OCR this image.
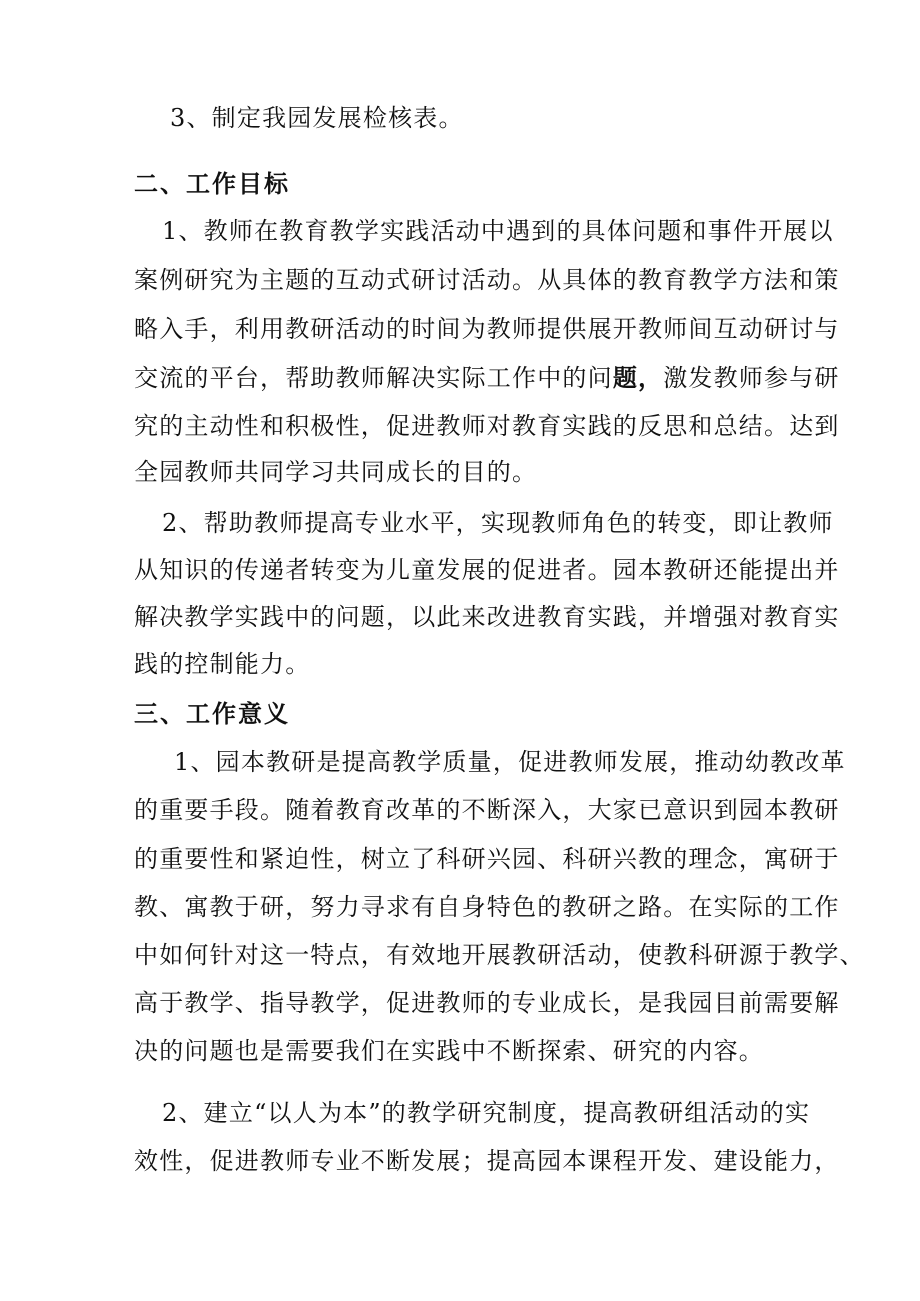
3、制定我园发展检核表。
二、工作目标
1、教师在教育教学实践活动中遇到的具体问题和事件开展以
案例研究为主题的互动式研讨活动。从具体的教育教学方法和策
略入手，利用教研活动的时间为教师提供展开教师间互动研讨与
交流的平台，帮助教师解决实际工作中的问题，激发教师参与研
究的主动性和积极性，促进教师对教育实践的反思和总结。达到
全园教师共同学习共同成长的目的。
2、帮助教师提高专业水平，实现教师角色的转变，即让教师
从知识的传递者转变为儿童发展的促进者。园本教研还能提出并
解决教学实践中的问题，以此来改进教育实践，并增强对教育实
践的控制能力。
三、工作意义
1、园本教研是提高教学质量，促进教师发展，推动幼教改革
的重要手段。随着教育改革的不断深入，大家已意识到园本教研
的重要性和紧迫性，树立了科研兴园、科研兴教的理念，寓研于
教、寓教于研，努力寻求有自身特色的教研之路。在实际的工作
中如何针对这一特点，有效地开展教研活动，使教科研源于教学、
高于教学、指导教学，促进教师的专业成长，是我园目前需要解
决的问题也是需要我们在实践中不断探索、研究的内容。
2、建立“以人为本”的教学研究制度，提高教研组活动的实
效性，促进教师专业不断发展；提高园本课程开发、建设能力，
